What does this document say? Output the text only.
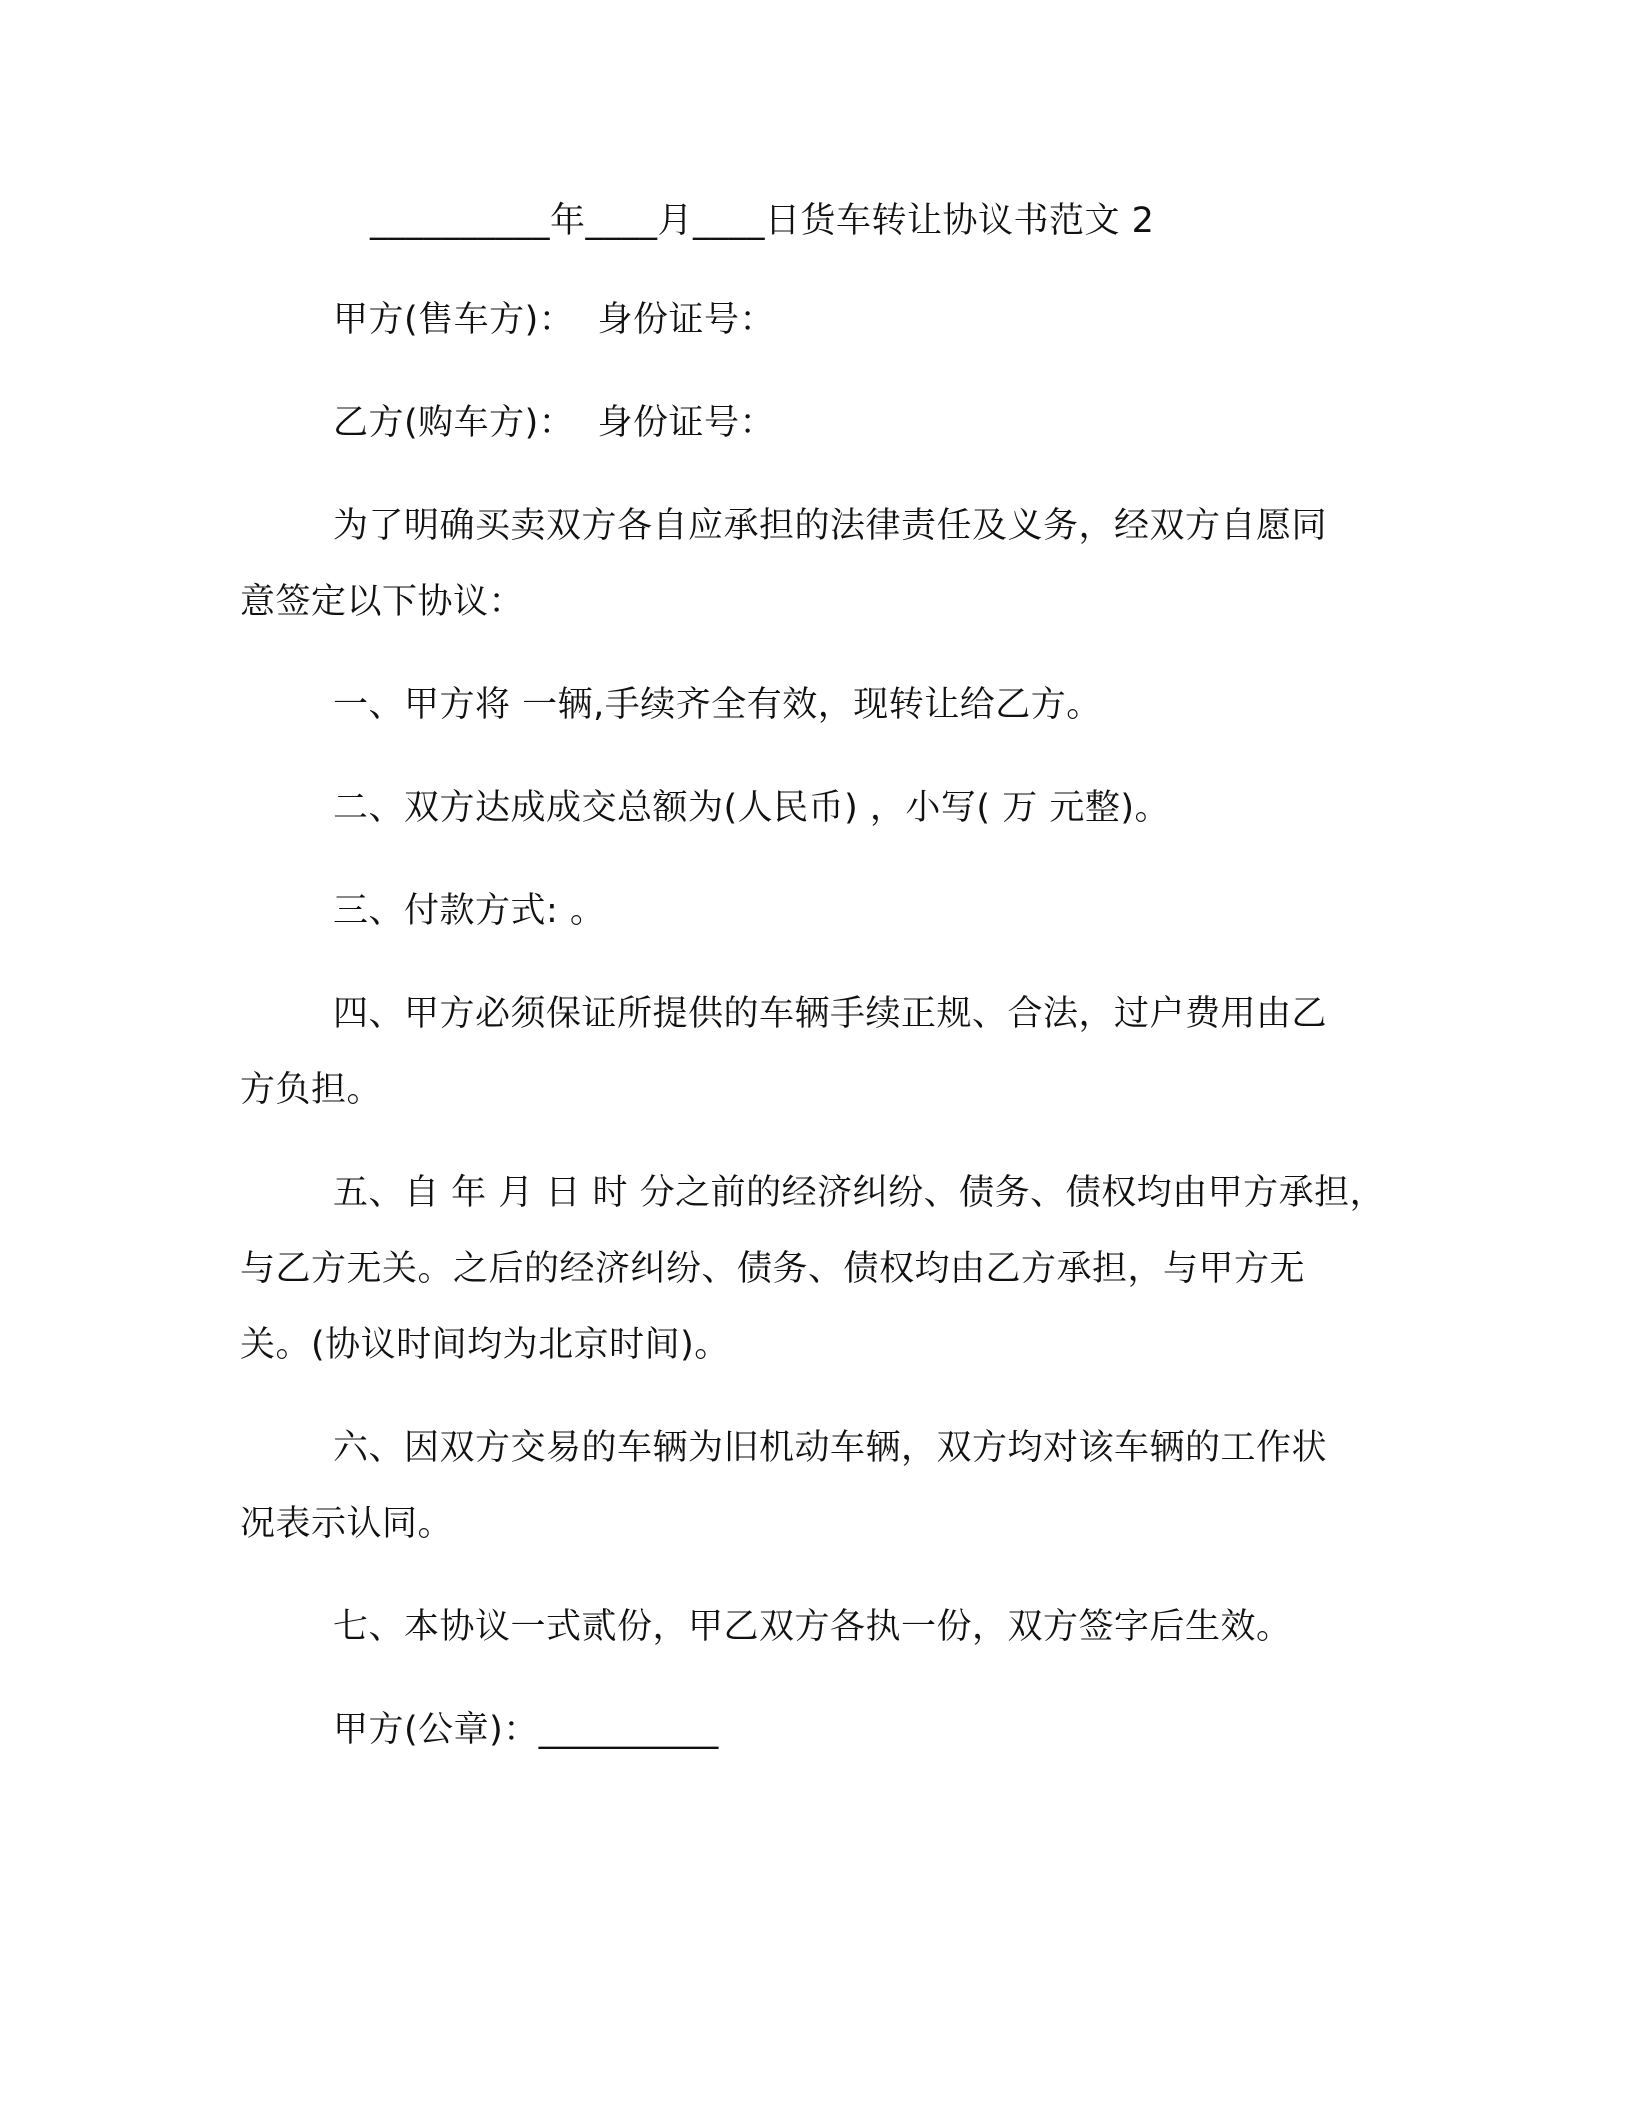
__________年____月____日货车转让协议书范文 2
甲方(售车方)：  身份证号：
乙方(购车方)：  身份证号：
为了明确买卖双方各自应承担的法律责任及义务，经双方自愿同
意签定以下协议：
一、甲方将 一辆,手续齐全有效，现转让给乙方。
二、双方达成成交总额为(人民币) ，小写( 万 元整)。
三、付款方式: 。
四、甲方必须保证所提供的车辆手续正规、合法，过户费用由乙
方负担。
五、自 年 月 日 时 分之前的经济纠纷、债务、债权均由甲方承担，
与乙方无关。之后的经济纠纷、债务、债权均由乙方承担，与甲方无
关。(协议时间均为北京时间)。
六、因双方交易的车辆为旧机动车辆，双方均对该车辆的工作状
况表示认同。
七、本协议一式贰份，甲乙双方各执一份，双方签字后生效。
甲方(公章)：__________
